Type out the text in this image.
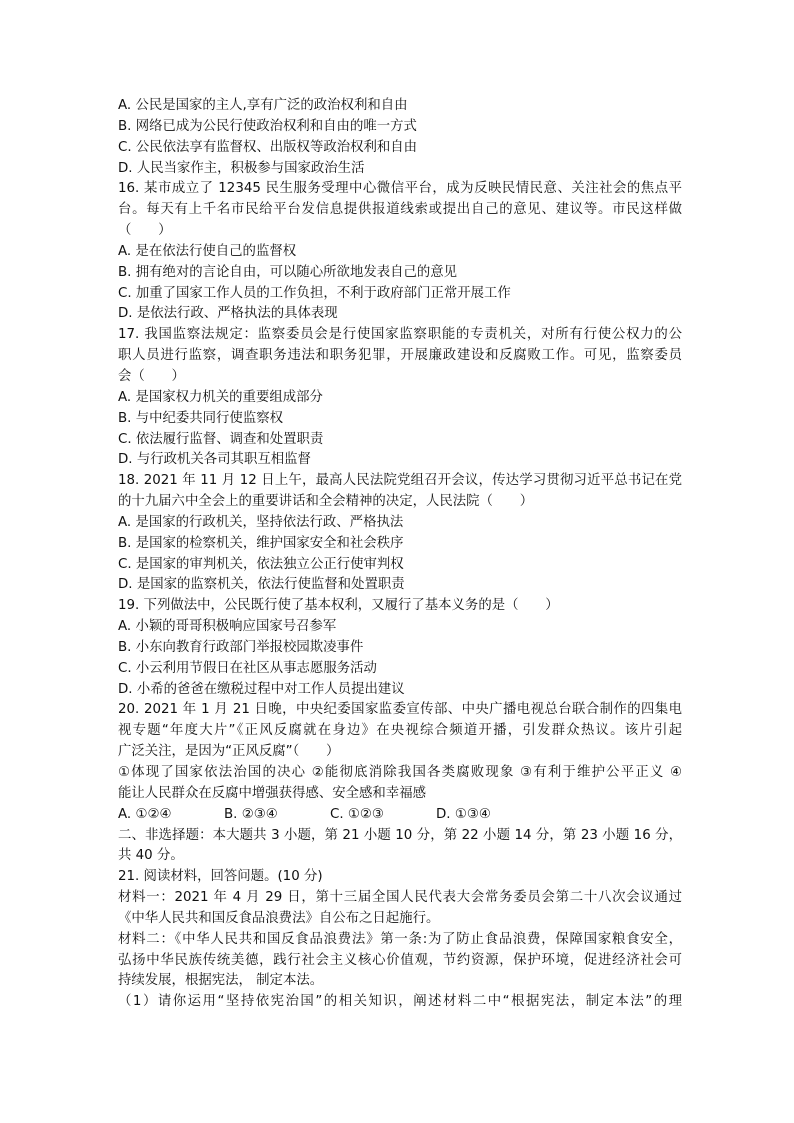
A. 公民是国家的主人,享有广泛的政治权利和自由
B. 网络已成为公民行使政治权利和自由的唯一方式
C. 公民依法享有监督权、出版权等政治权利和自由
D. 人民当家作主，积极参与国家政治生活
16. 某市成立了 12345 民生服务受理中心微信平台，成为反映民情民意、关注社会的焦点平
台。每天有上千名市民给平台发信息提供报道线索或提出自己的意见、建议等。市民这样做
（　　）
A. 是在依法行使自己的监督权
B. 拥有绝对的言论自由，可以随心所欲地发表自己的意见
C. 加重了国家工作人员的工作负担，不利于政府部门正常开展工作
D. 是依法行政、严格执法的具体表现
17. 我国监察法规定：监察委员会是行使国家监察职能的专责机关，对所有行使公权力的公
职人员进行监察，调查职务违法和职务犯罪，开展廉政建设和反腐败工作。可见，监察委员
会（　　）
A. 是国家权力机关的重要组成部分
B. 与中纪委共同行使监察权
C. 依法履行监督、调查和处置职责
D. 与行政机关各司其职互相监督
18. 2021 年 11 月 12 日上午，最高人民法院党组召开会议，传达学习贯彻习近平总书记在党
的十九届六中全会上的重要讲话和全会精神的决定，人民法院（　　）
A. 是国家的行政机关，坚持依法行政、严格执法
B. 是国家的检察机关，维护国家安全和社会秩序
C. 是国家的审判机关，依法独立公正行使审判权
D. 是国家的监察机关，依法行使监督和处置职责
19. 下列做法中，公民既行使了基本权利，又履行了基本义务的是（　　）
A. 小颖的哥哥积极响应国家号召参军
B. 小东向教育行政部门举报校园欺凌事件
C. 小云利用节假日在社区从事志愿服务活动
D. 小希的爸爸在缴税过程中对工作人员提出建议
20. 2021 年 1 月 21 日晚，中央纪委国家监委宣传部、中央广播电视总台联合制作的四集电
视专题“年度大片”《正风反腐就在身边》在央视综合频道开播，引发群众热议。该片引起
广泛关注，是因为“正风反腐”（　　）
①体现了国家依法治国的决心 ②能彻底消除我国各类腐败现象 ③有利于维护公平正义 ④
能让人民群众在反腐中增强获得感、安全感和幸福感
A. ①②④	B. ②③④	C. ①②③	D. ①③④
二、非选择题：本大题共 3 小题，第 21 小题 10 分，第 22 小题 14 分，第 23 小题 16 分，
共 40 分。
21. 阅读材料，回答问题。(10 分)
材料一：2021 年 4 月 29 日，第十三届全国人民代表大会常务委员会第二十八次会议通过
《中华人民共和国反食品浪费法》自公布之日起施行。
材料二：《中华人民共和国反食品浪费法》第一条:为了防止食品浪费，保障国家粮食安全，
弘扬中华民族传统美德，践行社会主义核心价值观，节约资源，保护环境，促进经济社会可
持续发展，根据宪法， 制定本法。
（1）请你运用“坚持依宪治国”的相关知识，阐述材料二中“根据宪法，制定本法”的理
